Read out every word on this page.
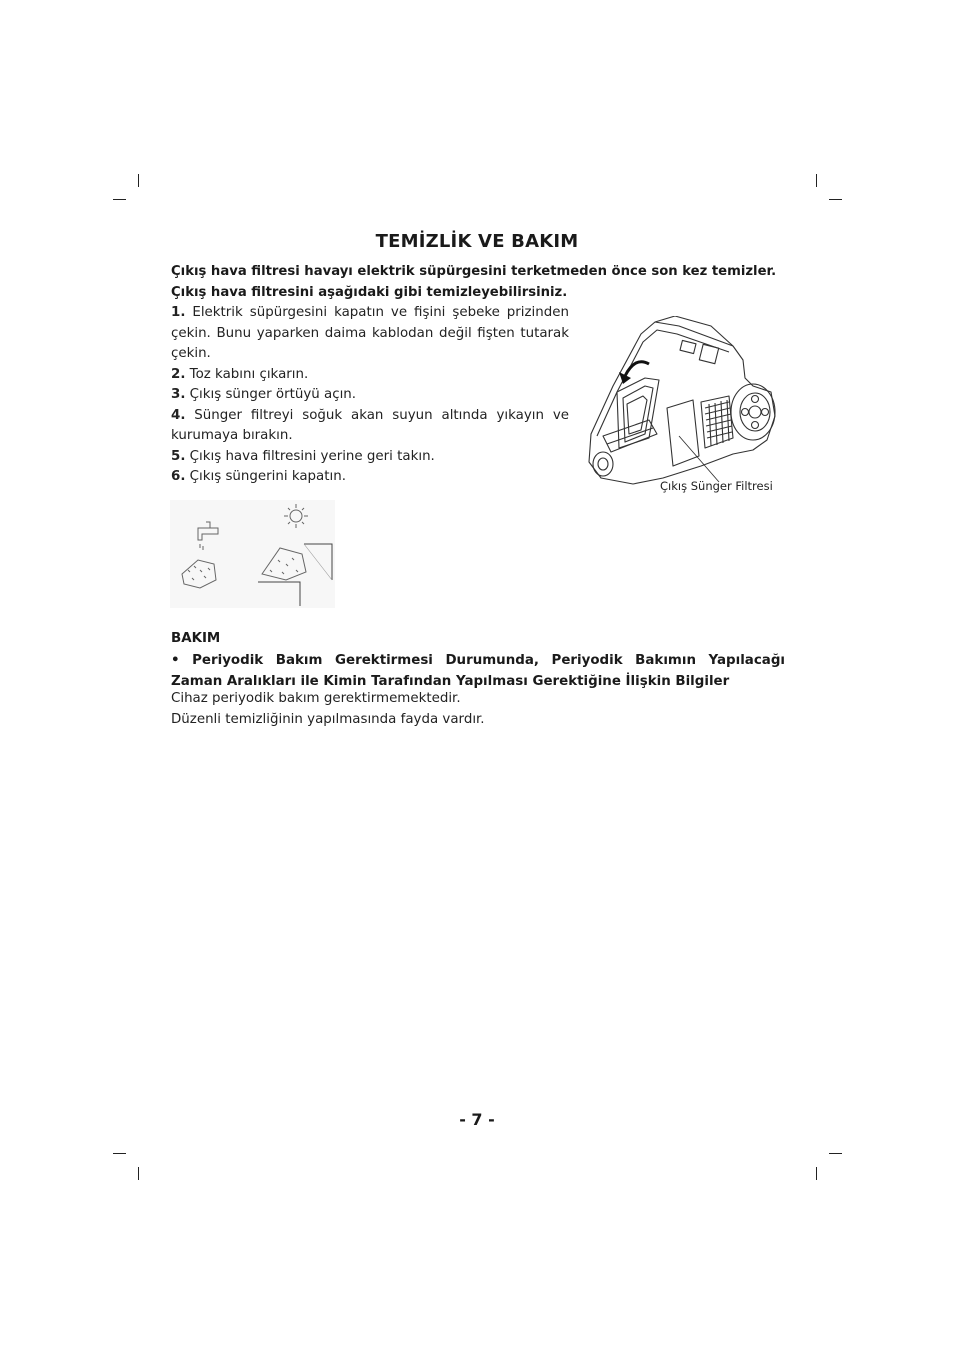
TEMİZLİK VE BAKIM

Çıkış hava filtresi havayı elektrik süpürgesini terketmeden önce son kez temizler.

Çıkış hava filtresini aşağıdaki gibi temizleyebilirsiniz.

1. Elektrik süpürgesini kapatın ve fişini şebeke prizinden çekin. Bunu yaparken daima kablodan değil fişten tutarak çekin.

2. Toz kabını çıkarın.

3. Çıkış sünger örtüyü açın.

4. Sünger filtreyi soğuk akan suyun altında yıkayın ve kurumaya bırakın.

5. Çıkış hava filtresini yerine geri takın.

6. Çıkış süngerini kapatın.

Çıkış Sünger Filtresi
BAKIM
• Periyodik Bakım Gerektirmesi Durumunda, Periyodik Bakımın Yapılacağı Zaman Aralıkları ile Kimin Tarafından Yapılması Gerektiğine İlişkin Bilgiler
Cihaz periyodik bakım gerektirmemektedir.
Düzenli temizliğinin yapılmasında fayda vardır.
- 7 -
